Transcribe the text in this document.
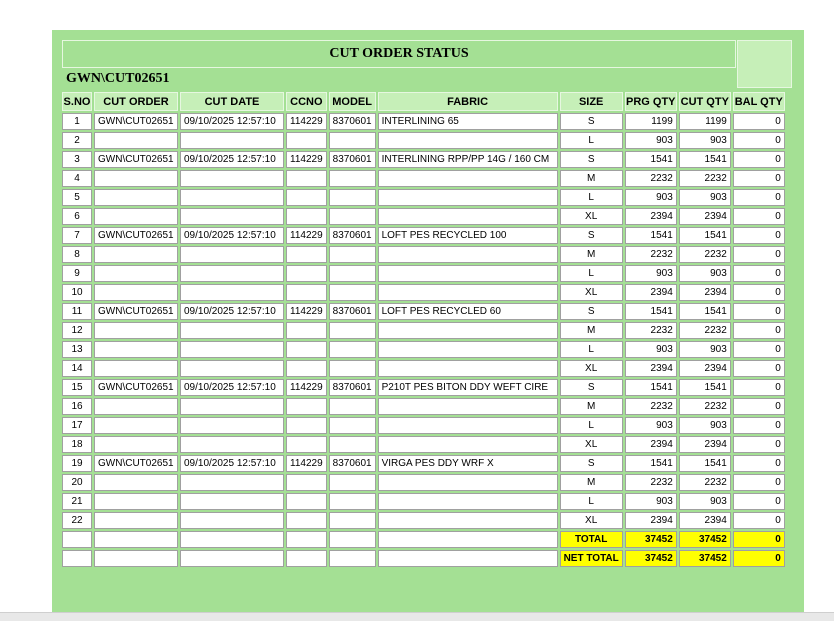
CUT ORDER STATUS
GWN\CUT02651
S.NO	CUT ORDER	CUT DATE	CCNO	MODEL	FABRIC	SIZE	PRG QTY	CUT QTY	BAL QTY
1	GWN\CUT02651	09/10/2025 12:57:10	114229	8370601	INTERLINING 65	S	1199	1199	0
2						L	903	903	0
3	GWN\CUT02651	09/10/2025 12:57:10	114229	8370601	INTERLINING RPP/PP 14G / 160 CM	S	1541	1541	0
4						M	2232	2232	0
5						L	903	903	0
6						XL	2394	2394	0
7	GWN\CUT02651	09/10/2025 12:57:10	114229	8370601	LOFT PES RECYCLED 100	S	1541	1541	0
8						M	2232	2232	0
9						L	903	903	0
10						XL	2394	2394	0
11	GWN\CUT02651	09/10/2025 12:57:10	114229	8370601	LOFT PES RECYCLED 60	S	1541	1541	0
12						M	2232	2232	0
13						L	903	903	0
14						XL	2394	2394	0
15	GWN\CUT02651	09/10/2025 12:57:10	114229	8370601	P210T PES BITON DDY WEFT CIRE	S	1541	1541	0
16						M	2232	2232	0
17						L	903	903	0
18						XL	2394	2394	0
19	GWN\CUT02651	09/10/2025 12:57:10	114229	8370601	VIRGA PES DDY WRF X	S	1541	1541	0
20						M	2232	2232	0
21						L	903	903	0
22						XL	2394	2394	0
						TOTAL	37452	37452	0
						NET TOTAL	37452	37452	0
